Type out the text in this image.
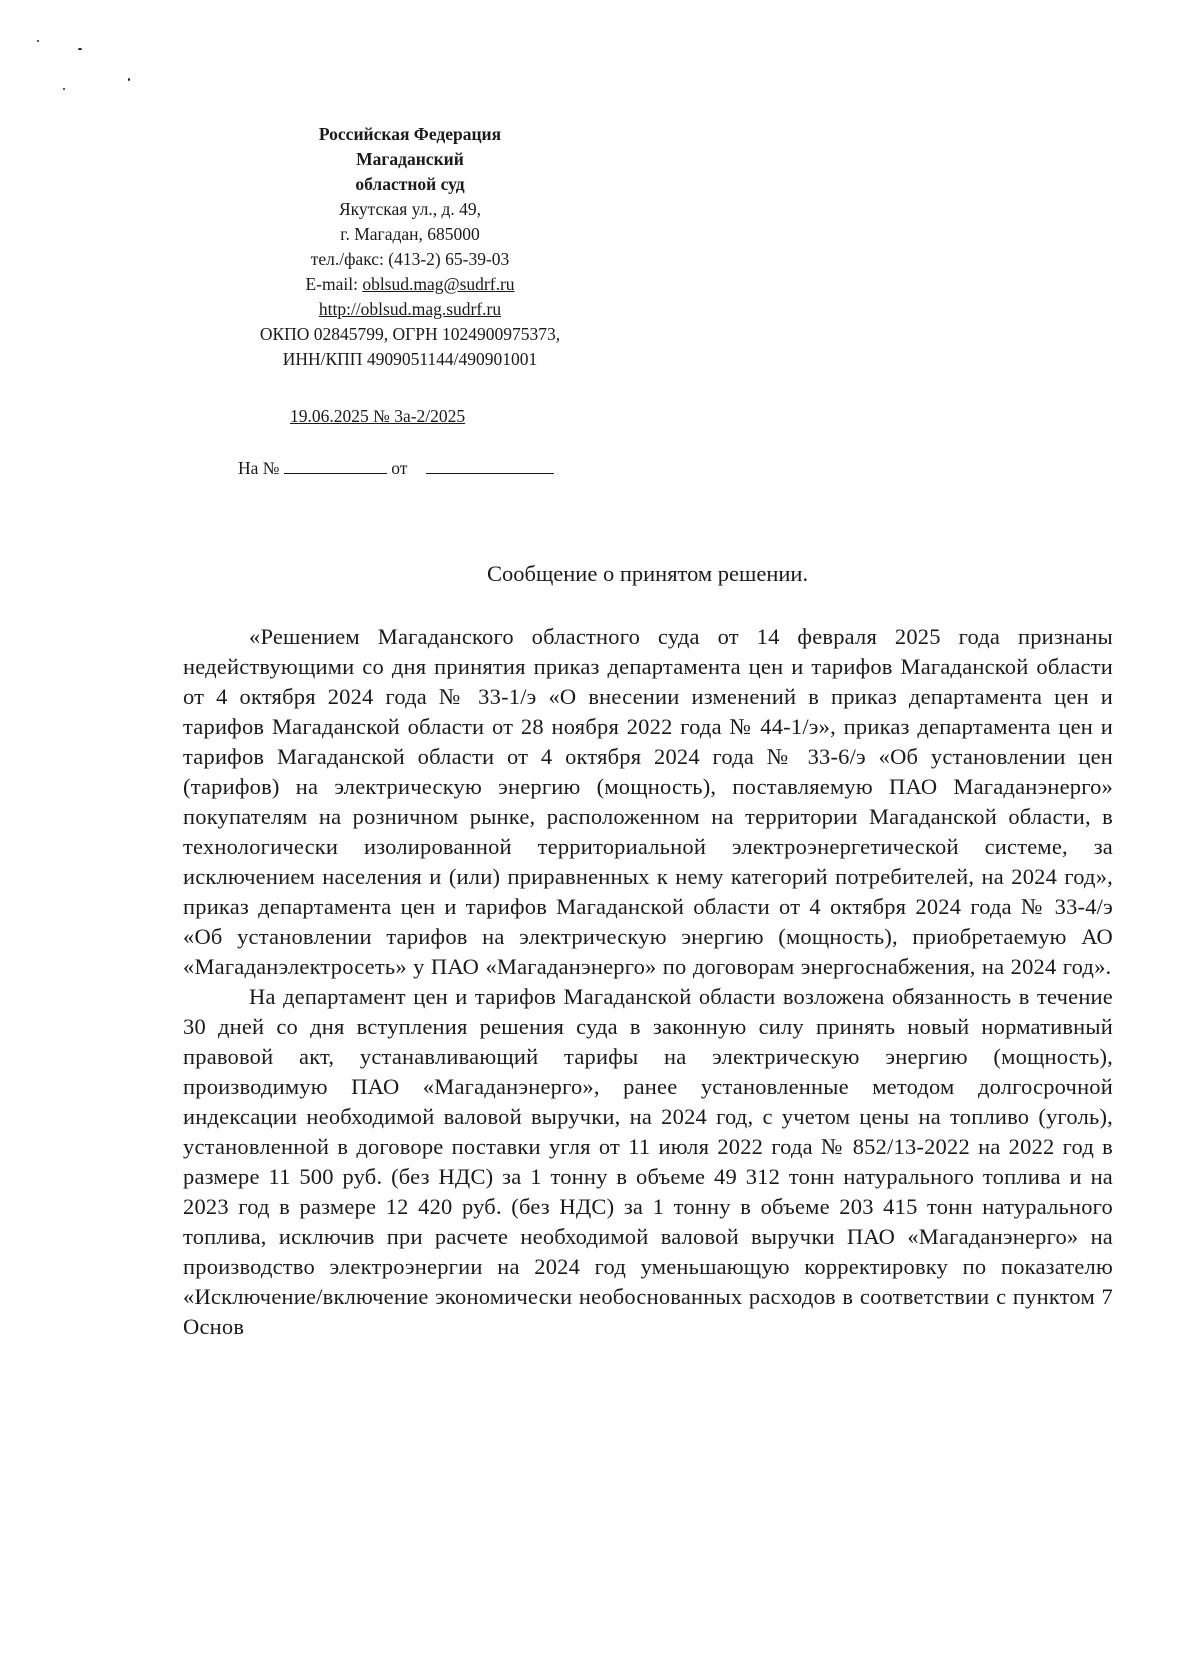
Российская Федерация
Магаданский
областной суд
Якутская ул., д. 49,
г. Магадан, 685000
тел./факс: (413-2) 65-39-03
E-mail: oblsud.mag@sudrf.ru
http://oblsud.mag.sudrf.ru
ОКПО 02845799, ОГРН 1024900975373,
ИНН/КПП 4909051144/490901001
19.06.2025 № 3а-2/2025
На №	от
Сообщение о принятом решении.

«Решением Магаданского областного суда от 14 февраля 2025 года признаны недействующими со дня принятия приказ департамента цен и тарифов Магаданской области от 4 октября 2024 года № 33-1/э «О внесении изменений в приказ департамента цен и тарифов Магаданской области от 28 ноября 2022 года № 44-1/э», приказ департамента цен и тарифов Магаданской области от 4 октября 2024 года № 33-6/э «Об установлении цен (тарифов) на электрическую энергию (мощность), поставляемую ПАО Магаданэнерго» покупателям на розничном рынке, расположенном на территории Магаданской области, в технологически изолированной территориальной электроэнергетической системе, за исключением населения и (или) приравненных к нему категорий потребителей, на 2024 год», приказ департамента цен и тарифов Магаданской области от 4 октября 2024 года № 33-4/э «Об установлении тарифов на электрическую энергию (мощность), приобретаемую АО «Магаданэлектросеть» у ПАО «Магаданэнерго» по договорам энергоснабжения, на 2024 год».

На департамент цен и тарифов Магаданской области возложена обязанность в течение 30 дней со дня вступления решения суда в законную силу принять новый нормативный правовой акт, устанавливающий тарифы на электрическую энергию (мощность), производимую ПАО «Магаданэнерго», ранее установленные методом долгосрочной индексации необходимой валовой выручки, на 2024 год, с учетом цены на топливо (уголь), установленной в договоре поставки угля от 11 июля 2022 года № 852/13-2022 на 2022 год в размере 11 500 руб. (без НДС) за 1 тонну в объеме 49 312 тонн натурального топлива и на 2023 год в размере 12 420 руб. (без НДС) за 1 тонну в объеме 203 415 тонн натурального топлива, исключив при расчете необходимой валовой выручки ПАО «Магаданэнерго» на производство электроэнергии на 2024 год уменьшающую корректировку по показателю «Исключение/включение экономически необоснованных расходов в соответствии с пунктом 7 Основ
